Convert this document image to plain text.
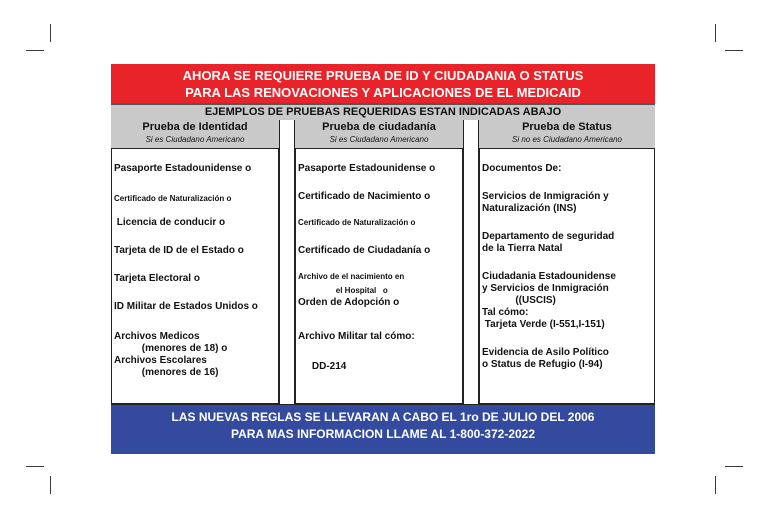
AHORA SE REQUIERE PRUEBA DE ID Y CIUDADANIA O STATUS
PARA LAS RENOVACIONES Y APLICACIONES DE EL MEDICAID
EJEMPLOS DE PRUEBAS REQUERIDAS ESTAN INDICADAS ABAJO
Prueba de Identidad
Si es Ciudadano Americano
Prueba de ciudadanía
Si es Ciudadano Americano
Prueba de Status
Si no es Ciudadano Americano
Pasaporte Estadounidense o
Certificado de Naturalización o
Licencia de conducir o
Tarjeta de ID de el Estado o
Tarjeta Electoral o
ID Militar de Estados Unidos o
Archivos Medicos
(menores de 18) o
Archivos Escolares
(menores de 16)
Pasaporte Estadounidense o
Certificado de Nacimiento o
Certificado de Naturalización o
Certificado de Ciudadanía o
Archivo de el nacimiento en
el Hospital   o
Orden de Adopción o
Archivo Militar tal cómo:
DD-214
Documentos De:
Servicios de Inmigración y
Naturalización (INS)
Departamento de seguridad
de la Tierra Natal
Ciudadania Estadounidense
y Servicios de Inmigración
((USCIS)
Tal cómo:
Tarjeta Verde (I-551,I-151)
Evidencia de Asilo Político
o Status de Refugio (I-94)
LAS NUEVAS REGLAS SE LLEVARAN A CABO EL 1ro DE JULIO DEL 2006
PARA MAS INFORMACION LLAME AL 1-800-372-2022
